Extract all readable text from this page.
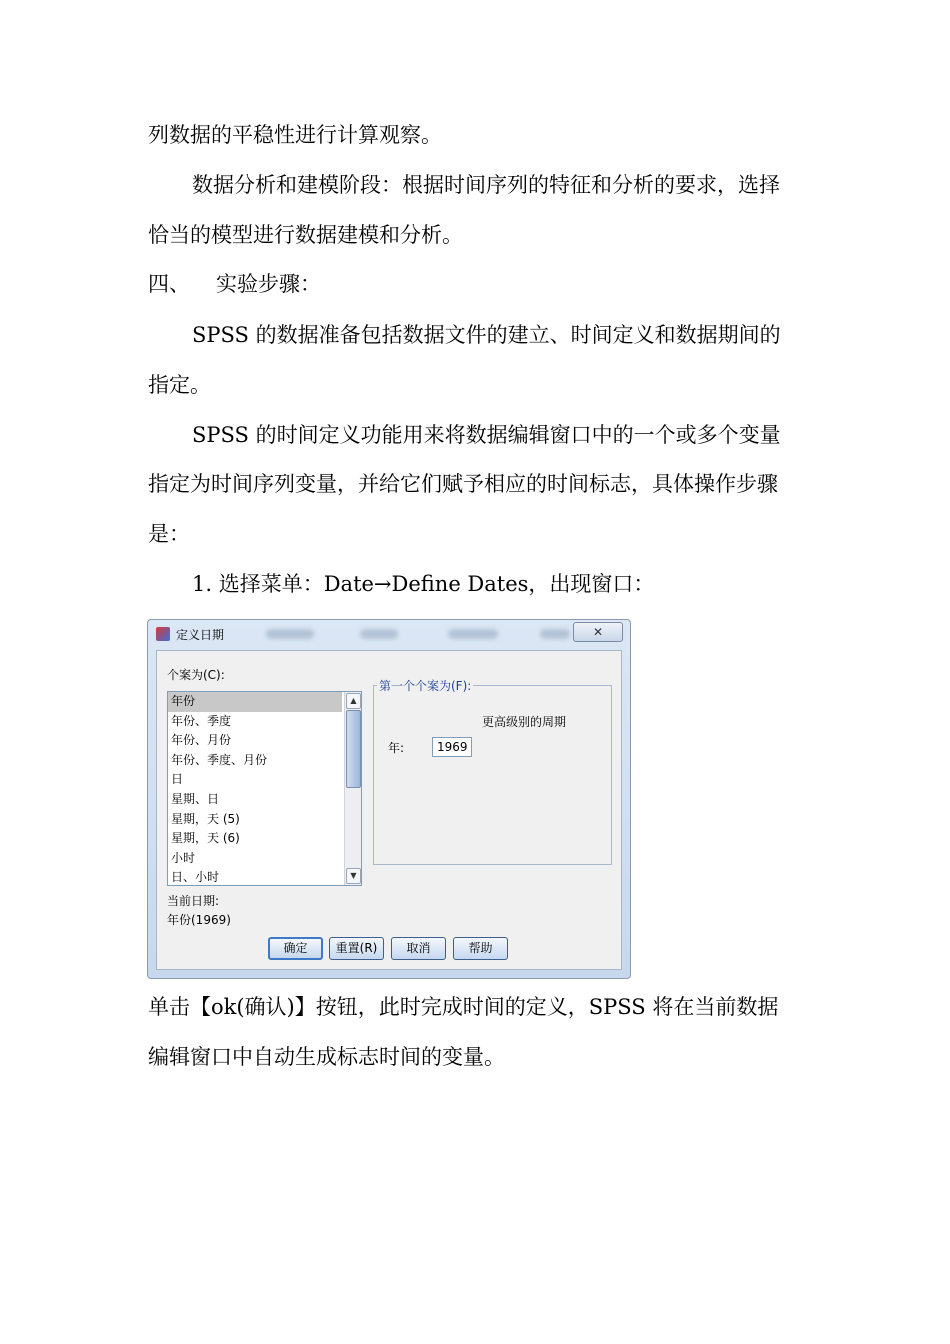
列数据的平稳性进行计算观察。

数据分析和建模阶段：根据时间序列的特征和分析的要求，选择

恰当的模型进行数据建模和分析。

四、 实验步骤：

SPSS 的数据准备包括数据文件的建立、时间定义和数据期间的

指定。

SPSS 的时间定义功能用来将数据编辑窗口中的一个或多个变量

指定为时间序列变量，并给它们赋予相应的时间标志，具体操作步骤

是：

1. 选择菜单：Date→Define Dates，出现窗口：

定义日期	✕
个案为(C):
年份
年份、季度
年份、月份
年份、季度、月份
日
星期、日
星期，天 (5)
星期，天 (6)
小时
日、小时
▲
▼
第一个个案为(F):
更高级别的周期
年:	1969
当前日期:
年份(1969)
确定	重置(R)	取消	帮助

单击【ok(确认)】按钮，此时完成时间的定义，SPSS 将在当前数据

编辑窗口中自动生成标志时间的变量。
